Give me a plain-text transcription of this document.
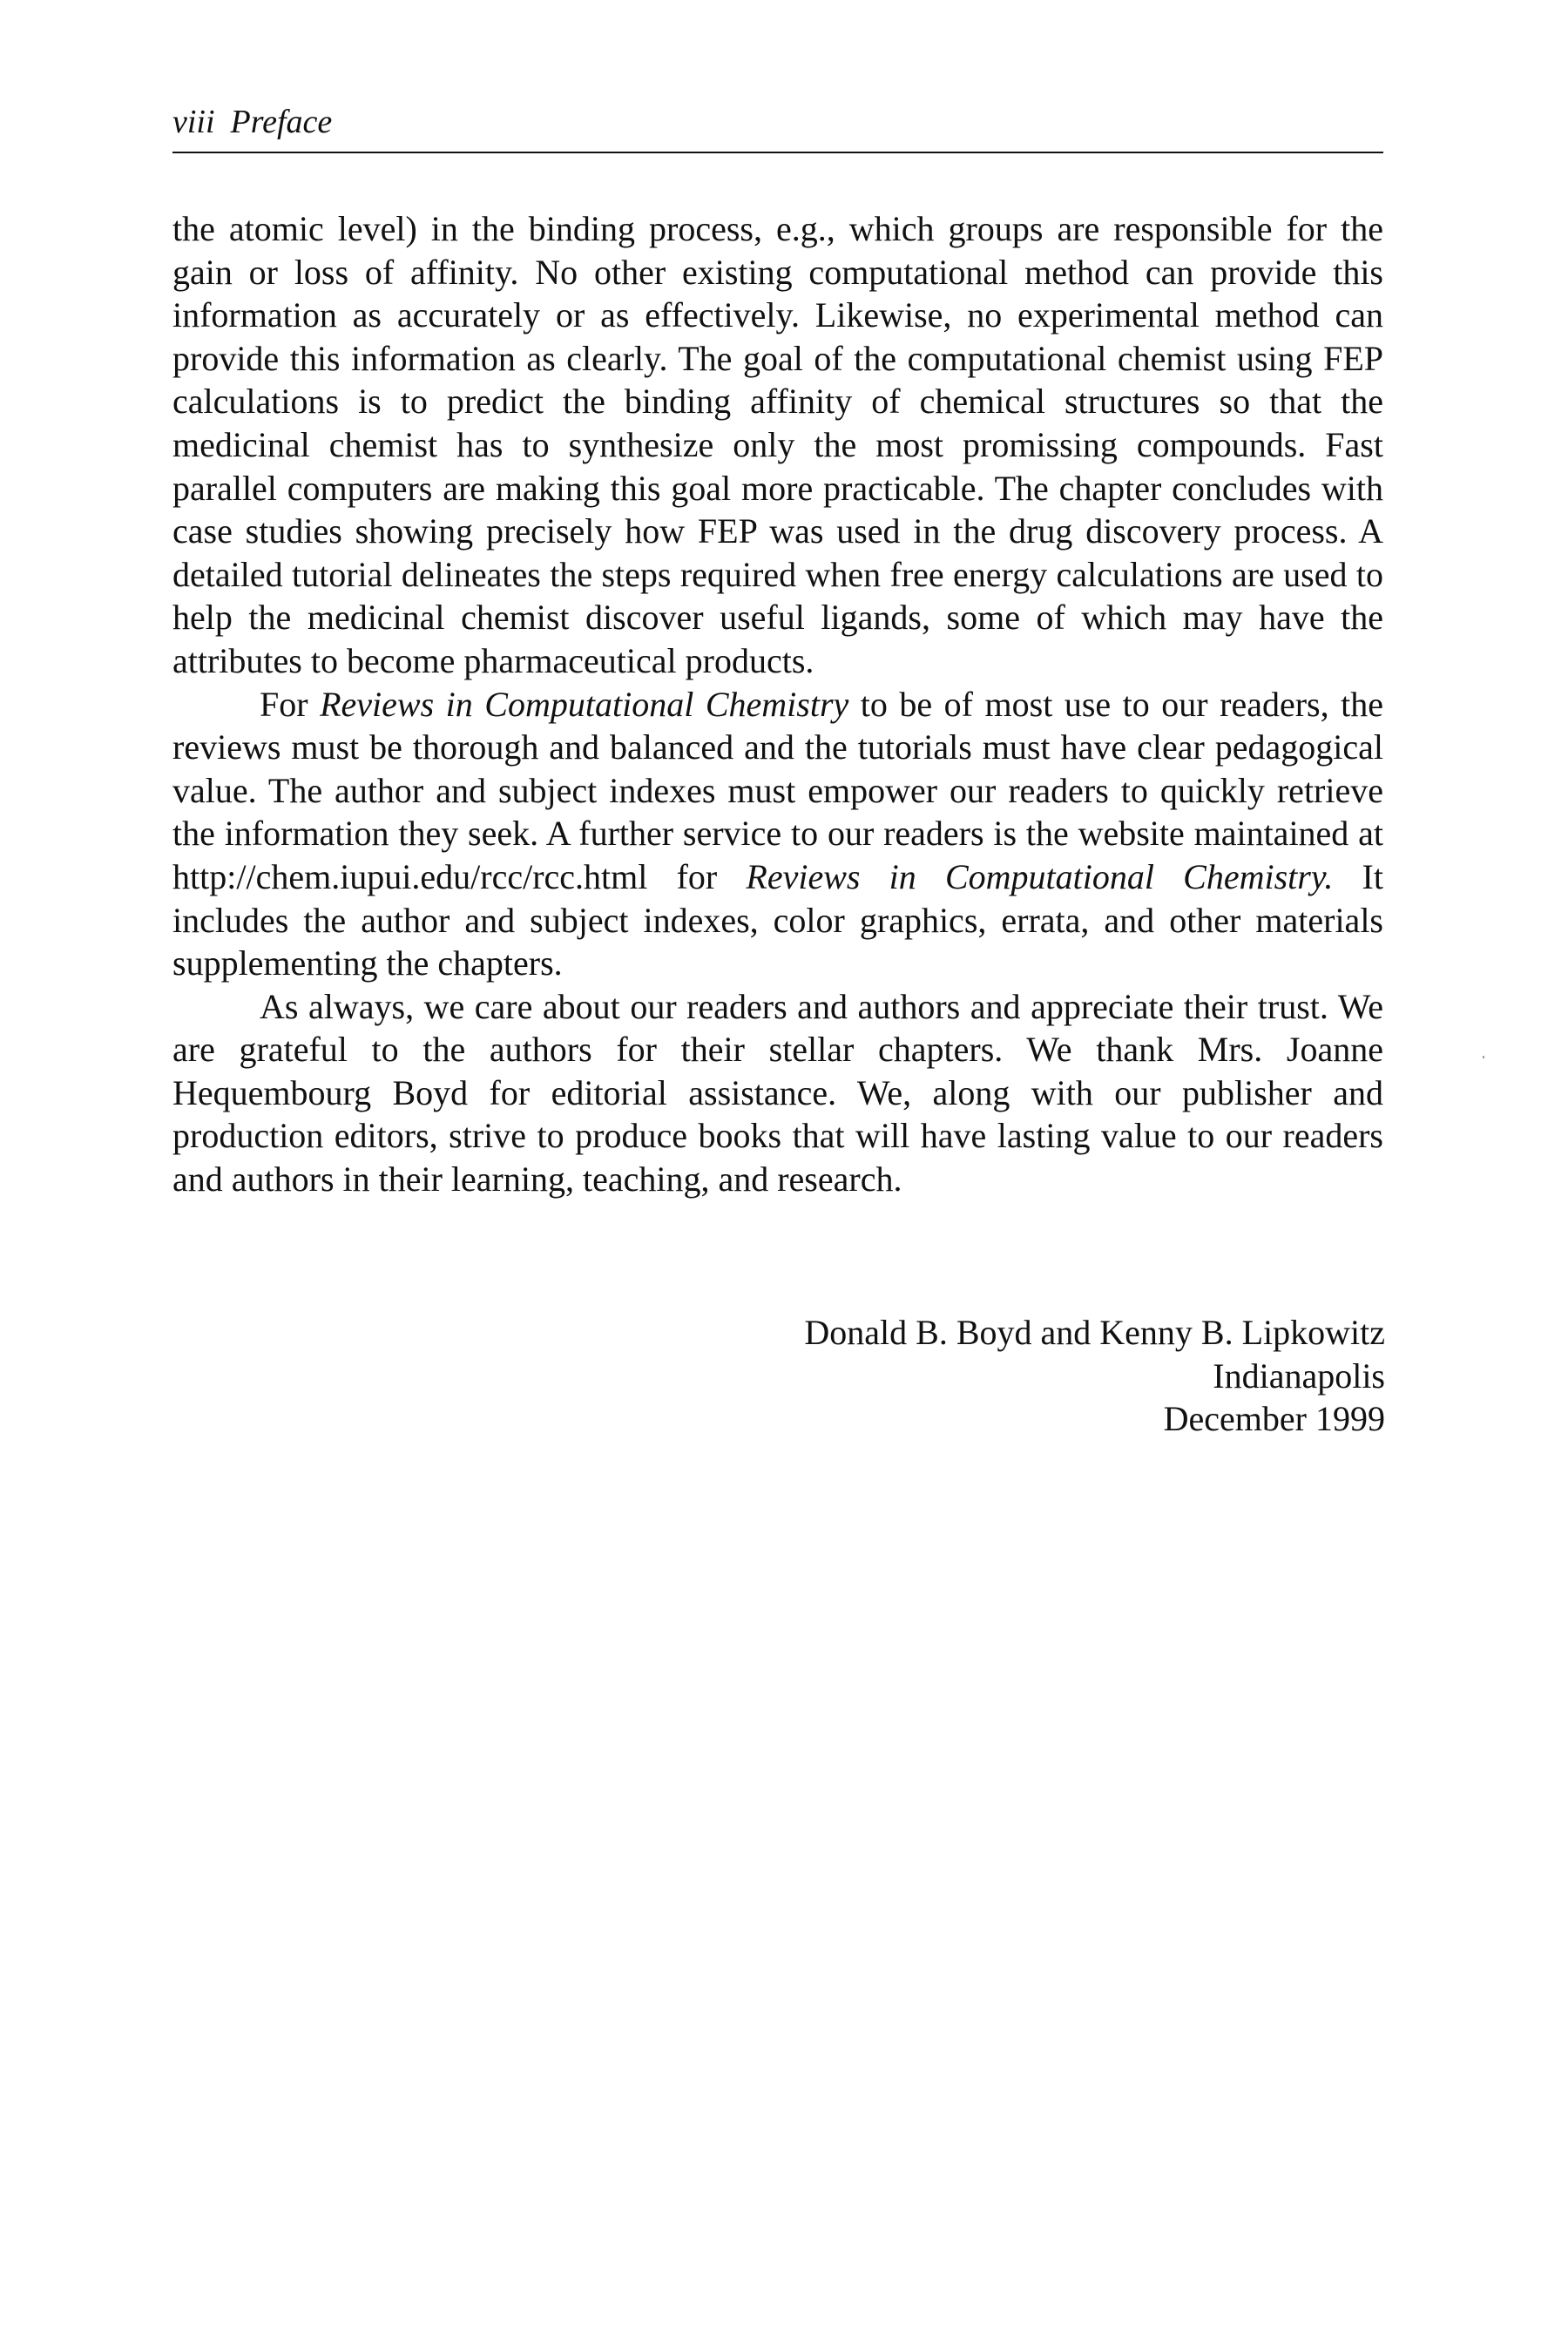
viii Preface

the atomic level) in the binding process, e.g., which groups are responsible for the gain or loss of affinity. No other existing computational method can provide this information as accurately or as effectively. Likewise, no experimental method can provide this information as clearly. The goal of the computational chemist using FEP calculations is to predict the binding affinity of chemical structures so that the medicinal chemist has to synthesize only the most promissing compounds. Fast parallel computers are making this goal more practicable. The chapter concludes with case studies showing precisely how FEP was used in the drug discovery process. A detailed tutorial delineates the steps required when free energy calculations are used to help the medicinal chemist discover useful ligands, some of which may have the attributes to become pharmaceutical products.

For Reviews in Computational Chemistry to be of most use to our readers, the reviews must be thorough and balanced and the tutorials must have clear pedagogical value. The author and subject indexes must empower our readers to quickly retrieve the information they seek. A further service to our readers is the website maintained at http://chem.iupui.edu/rcc/rcc.html for Reviews in Computational Chemistry. It includes the author and subject indexes, color graphics, errata, and other materials supplementing the chapters.

As always, we care about our readers and authors and appreciate their trust. We are grateful to the authors for their stellar chapters. We thank Mrs. Joanne Hequembourg Boyd for editorial assistance. We, along with our publisher and production editors, strive to produce books that will have lasting value to our readers and authors in their learning, teaching, and research.

Donald B. Boyd and Kenny B. Lipkowitz
Indianapolis
December 1999
